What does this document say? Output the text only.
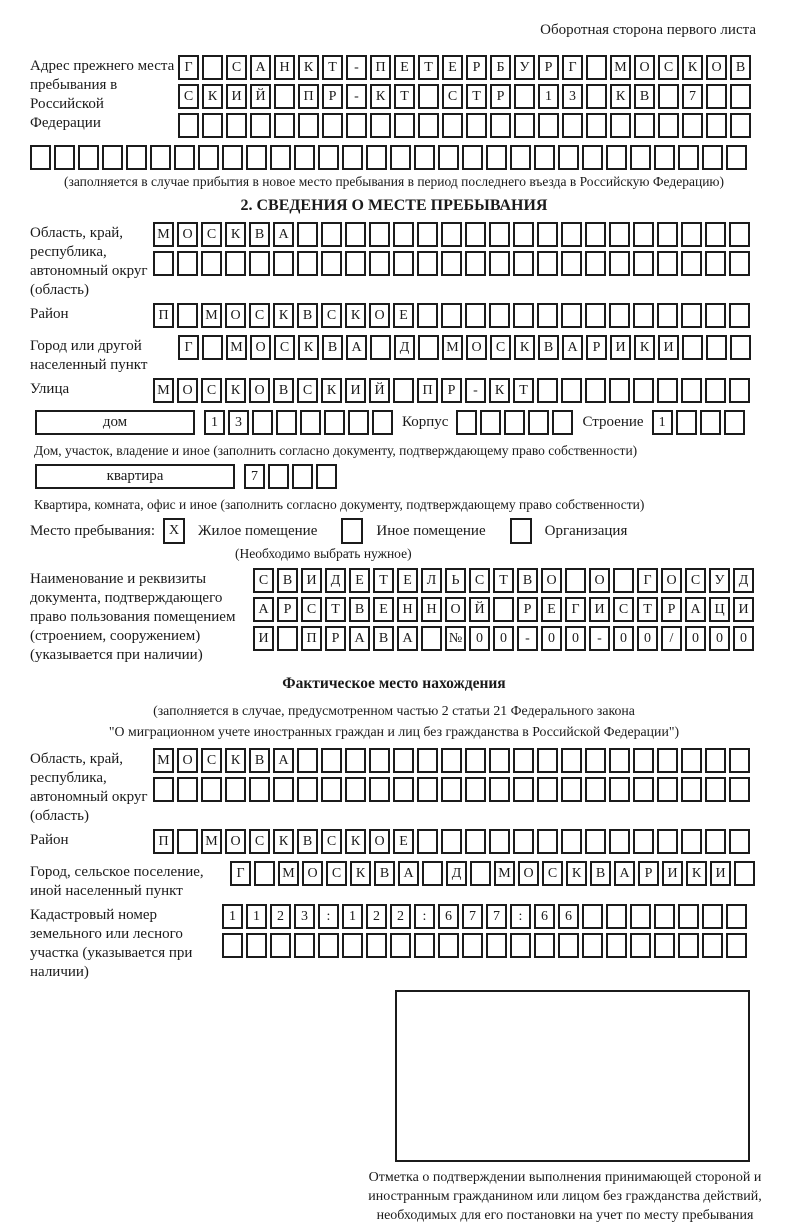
Оборотная сторона первого листа
Адрес прежнего места пребывания в Российской Федерации
Г	С	А Н	К	Т	-	П	Е	Т	Е	Р	Б	У	Р	Г	М О	С	К	О	В
С	К	И Й	П	Р	-	К	Т	С	Т	Р	1	3	К	В	7
(заполняется в случае прибытия в новое место пребывания в период последнего въезда в Российскую Федерацию)
2. СВЕДЕНИЯ О МЕСТЕ ПРЕБЫВАНИЯ
Область, край, республика, автономный округ (область)
М О	С	К	В	А
Район	П	М О	С	К	В	С	К	О	Е
Город или другой населенный пункт
Г	М О	С	К	В	А	Д	М О	С	К	В	А	Р	И	К	И
Улица	М О	С	К	О	В	С	К	И Й	П	Р	-	К	Т
дом	1	3	Корпус	Строение	1
Дом, участок, владение и иное (заполнить согласно документу, подтверждающему право собственности)
квартира	7
Квартира, комната, офис и иное (заполнить согласно документу, подтверждающему право собственности)
Место пребывания: X	Жилое помещение	Иное помещение	Организация
(Необходимо выбрать нужное)
Наименование и реквизиты документа, подтверждающего право пользования помещением (строением, сооружением) (указывается при наличии)
С	В	И	Д	Е	Т	Е	Л	Ь	С	Т	В	О	О	Г	О	С	У	Д
А	Р	С	Т	В	Е	Н Н О Й	Р	Е	Г	И	С	Т	Р	А Ц И
И	П	Р	А	В	А	№ 0	0	-	0	0	-	0	0	/	0	0	0
Фактическое место нахождения
(заполняется в случае, предусмотренном частью 2 статьи 21 Федерального закона
"О миграционном учете иностранных граждан и лиц без гражданства в Российской Федерации")
Область, край, республика, автономный округ (область)
М О	С	К	В	А
Район	П	М О	С	К	В	С	К	О	Е
Город, сельское поселение, иной населенный пункт
Г	М О	С	К	В	А	Д	М О	С	К	В	А	Р	И	К	И
Кадастровый номер земельного или лесного участка (указывается при наличии)
1	1	2	3	:	1	2	2	:	6	7	7	:	6	6
Отметка о подтверждении выполнения принимающей стороной и иностранным гражданином или лицом без гражданства действий, необходимых для его постановки на учет по месту пребывания
